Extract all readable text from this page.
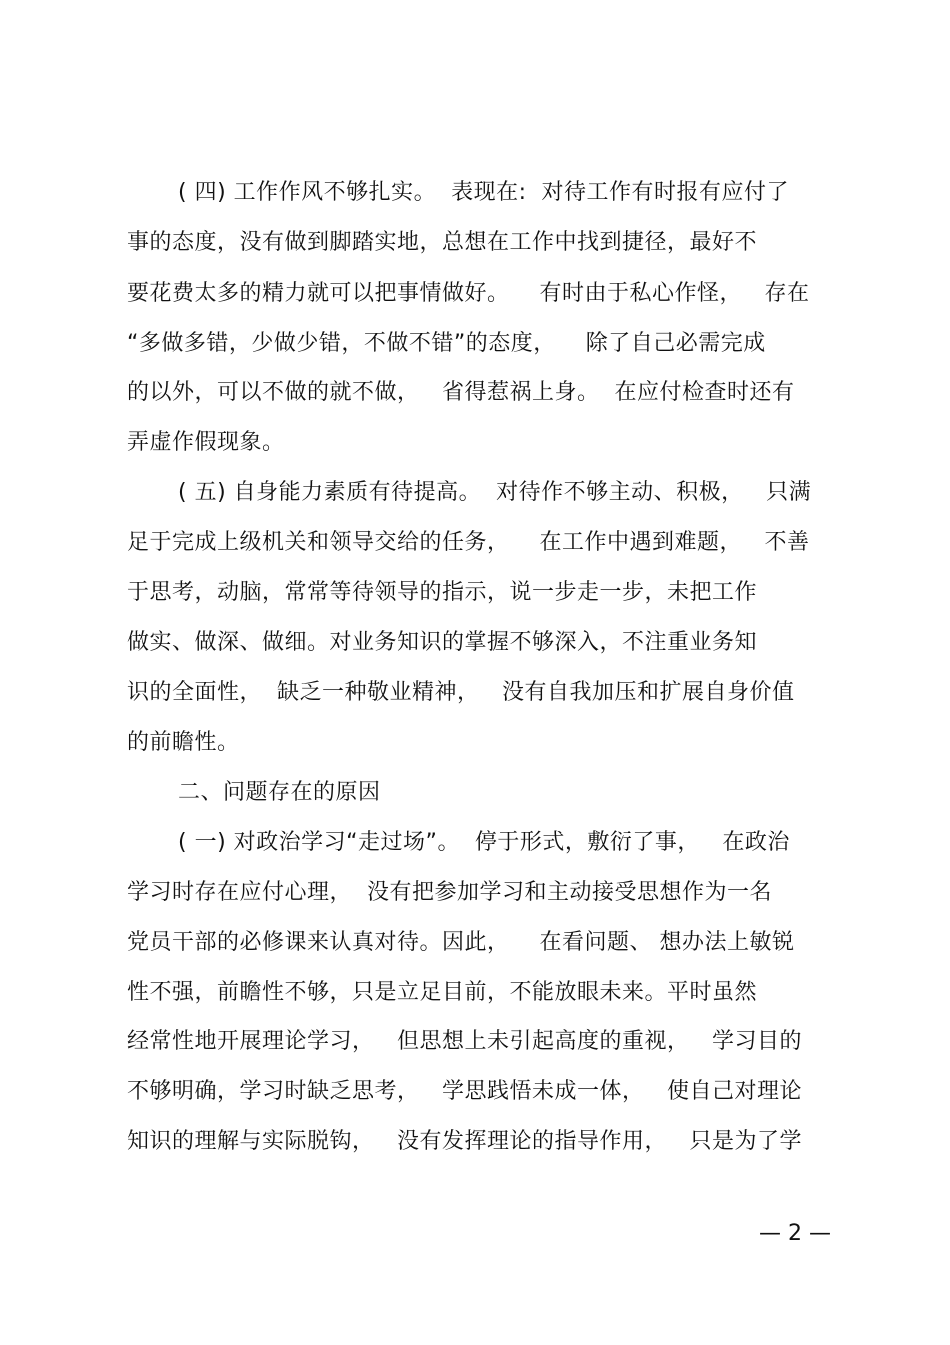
( 四) 工作作风不够扎实。  表现在:  对待工作有时报有应付了
事的态度，没有做到脚踏实地，总想在工作中找到捷径，最好不
要花费太多的精力就可以把事情做好。    有时由于私心作怪，   存在
“多做多错，少做少错，不做不错”的态度，    除了自己必需完成
的以外，可以不做的就不做，   省得惹祸上身。  在应付检查时还有
弄虚作假现象。
( 五) 自身能力素质有待提高。  对待作不够主动、积极，   只满
足于完成上级机关和领导交给的任务，    在工作中遇到难题，   不善
于思考，动脑，常常等待领导的指示，说一步走一步，未把工作
做实、做深、做细。对业务知识的掌握不够深入，不注重业务知
识的全面性，  缺乏一种敬业精神，   没有自我加压和扩展自身价值
的前瞻性。
二、问题存在的原因
( 一) 对政治学习“走过场”。  停于形式，敷衍了事，   在政治
学习时存在应付心理，  没有把参加学习和主动接受思想作为一名
党员干部的必修课来认真对待。因此，    在看问题、 想办法上敏锐
性不强，前瞻性不够，只是立足目前，不能放眼未来。平时虽然
经常性地开展理论学习，   但思想上未引起高度的重视，   学习目的
不够明确，学习时缺乏思考，   学思践悟未成一体，   使自己对理论
知识的理解与实际脱钩，   没有发挥理论的指导作用，   只是为了学
— 2 —
